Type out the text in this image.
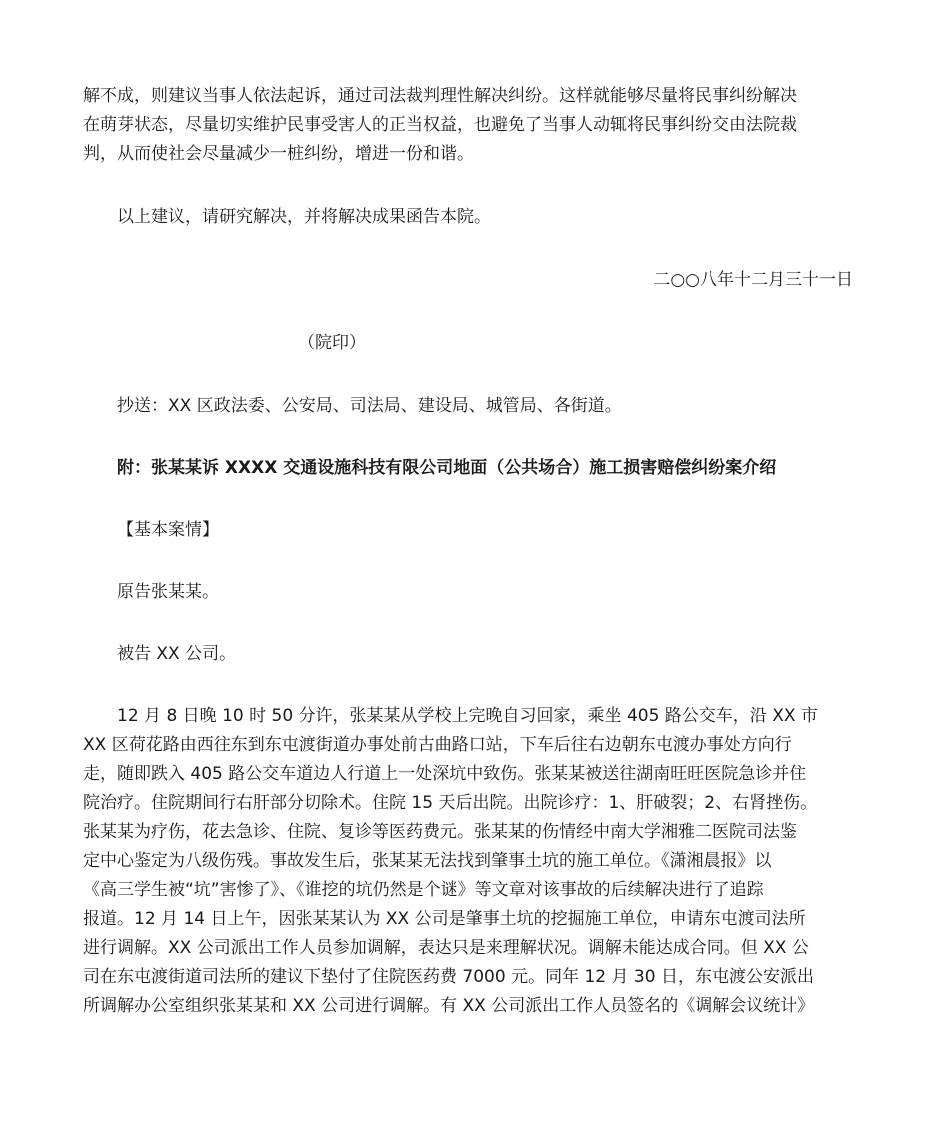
解不成，则建议当事人依法起诉，通过司法裁判理性解决纠纷。这样就能够尽量将民事纠纷解决
在萌芽状态，尽量切实维护民事受害人的正当权益，也避免了当事人动辄将民事纠纷交由法院裁
判，从而使社会尽量减少一桩纠纷，增进一份和谐。

以上建议，请研究解决，并将解决成果函告本院。

二○○八年十二月三十一日

（院印）

抄送：XX 区政法委、公安局、司法局、建设局、城管局、各街道。

附：张某某诉 XXXX 交通设施科技有限公司地面（公共场合）施工损害赔偿纠纷案介绍

【基本案情】

原告张某某。

被告 XX 公司。

12 月 8 日晚 10 时 50 分许，张某某从学校上完晚自习回家，乘坐 405 路公交车，沿 XX 市
XX 区荷花路由西往东到东屯渡街道办事处前古曲路口站，下车后往右边朝东屯渡办事处方向行
走，随即跌入 405 路公交车道边人行道上一处深坑中致伤。张某某被送往湖南旺旺医院急诊并住
院治疗。住院期间行右肝部分切除术。住院 15 天后出院。出院诊疗：1、肝破裂；2、右肾挫伤。
张某某为疗伤，花去急诊、住院、复诊等医药费元。张某某的伤情经中南大学湘雅二医院司法鉴
定中心鉴定为八级伤残。事故发生后，张某某无法找到肇事土坑的施工单位。《潇湘晨报》以
《高三学生被“坑”害惨了》、《谁挖的坑仍然是个谜》等文章对该事故的后续解决进行了追踪
报道。12 月 14 日上午，因张某某认为 XX 公司是肇事土坑的挖掘施工单位，申请东屯渡司法所
进行调解。XX 公司派出工作人员参加调解，表达只是来理解状况。调解未能达成合同。但 XX 公
司在东屯渡街道司法所的建议下垫付了住院医药费 7000 元。同年 12 月 30 日，东屯渡公安派出
所调解办公室组织张某某和 XX 公司进行调解。有 XX 公司派出工作人员签名的《调解会议统计》
